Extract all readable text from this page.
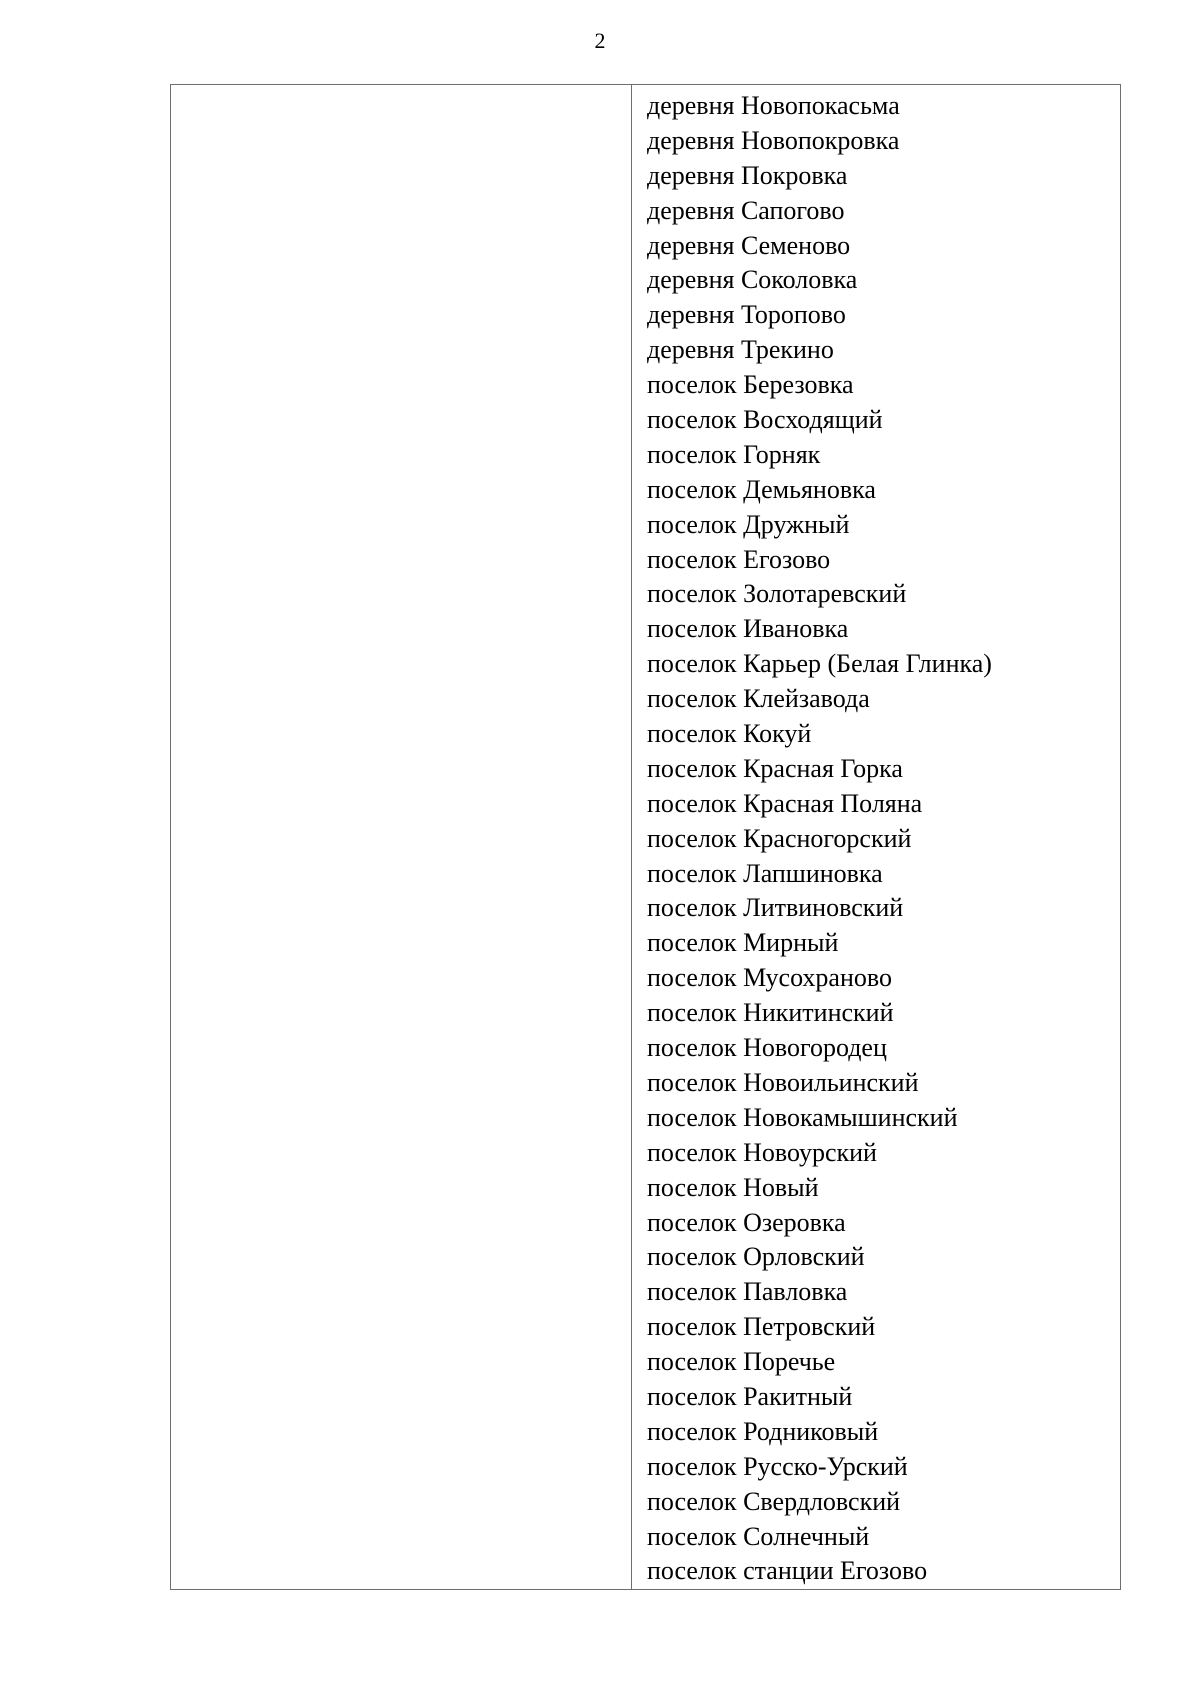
2

деревня Новопокасьма
деревня Новопокровка
деревня Покровка
деревня Сапогово
деревня Семеново
деревня Соколовка
деревня Торопово
деревня Трекино
поселок Березовка
поселок Восходящий
поселок Горняк
поселок Демьяновка
поселок Дружный
поселок Егозово
поселок Золотаревский
поселок Ивановка
поселок Карьер (Белая Глинка)
поселок Клейзавода
поселок Кокуй
поселок Красная Горка
поселок Красная Поляна
поселок Красногорский
поселок Лапшиновка
поселок Литвиновский
поселок Мирный
поселок Мусохраново
поселок Никитинский
поселок Новогородец
поселок Новоильинский
поселок Новокамышинский
поселок Новоурский
поселок Новый
поселок Озеровка
поселок Орловский
поселок Павловка
поселок Петровский
поселок Поречье
поселок Ракитный
поселок Родниковый
поселок Русско-Урский
поселок Свердловский
поселок Солнечный
поселок станции Егозово
